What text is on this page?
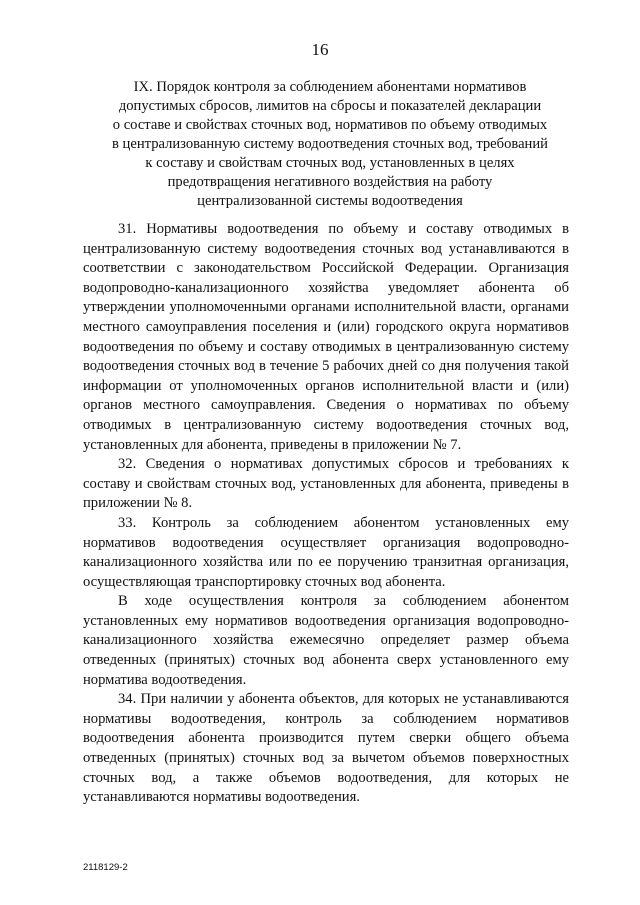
16
IX. Порядок контроля за соблюдением абонентами нормативов
допустимых сбросов, лимитов на сбросы и показателей декларации
о составе и свойствах сточных вод, нормативов по объему отводимых
в централизованную систему водоотведения сточных вод, требований
к составу и свойствам сточных вод, установленных в целях
предотвращения негативного воздействия на работу
централизованной системы водоотведения

31. Нормативы водоотведения по объему и составу отводимых в централизованную систему водоотведения сточных вод устанавливаются в соответствии с законодательством Российской Федерации. Организация водопроводно-канализационного хозяйства уведомляет абонента об утверждении уполномоченными органами исполнительной власти, органами местного самоуправления поселения и (или) городского округа нормативов водоотведения по объему и составу отводимых в централизованную систему водоотведения сточных вод в течение 5 рабочих дней со дня получения такой информации от уполномоченных органов исполнительной власти и (или) органов местного самоуправления. Сведения о нормативах по объему отводимых в централизованную систему водоотведения сточных вод, установленных для абонента, приведены в приложении № 7.

32. Сведения о нормативах допустимых сбросов и требованиях к составу и свойствам сточных вод, установленных для абонента, приведены в приложении № 8.

33. Контроль за соблюдением абонентом установленных ему нормативов водоотведения осуществляет организация водопроводно-канализационного хозяйства или по ее поручению транзитная организация, осуществляющая транспортировку сточных вод абонента.

В ходе осуществления контроля за соблюдением абонентом установленных ему нормативов водоотведения организация водопроводно-канализационного хозяйства ежемесячно определяет размер объема отведенных (принятых) сточных вод абонента сверх установленного ему норматива водоотведения.

34. При наличии у абонента объектов, для которых не устанавливаются нормативы водоотведения, контроль за соблюдением нормативов водоотведения абонента производится путем сверки общего объема отведенных (принятых) сточных вод за вычетом объемов поверхностных сточных вод, а также объемов водоотведения, для которых не устанавливаются нормативы водоотведения.

2118129-2
